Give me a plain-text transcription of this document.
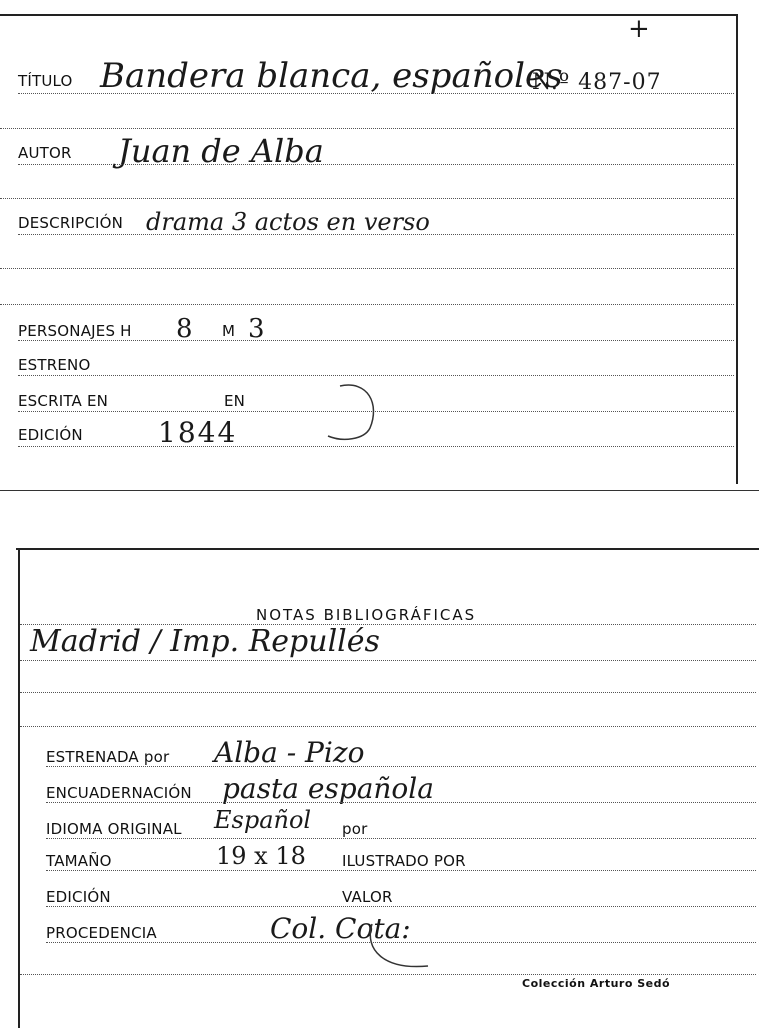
+
TÍTULO Bandera blanca, españoles
N.º 487-07
AUTOR Juan de Alba
DESCRIPCIÓN drama 3 actos en verso
PERSONAJES H 8 M 3
ESTRENO
ESCRITA EN	EN
EDICIÓN	1844
NOTAS BIBLIOGRÁFICAS
Madrid / Imp. Repullés
ESTRENADA por Alba - Pizo
ENCUADERNACIÓN pasta española
IDIOMA ORIGINAL Español por
TAMAÑO	19 x 18 ILUSTRADO POR
EDICIÓN	VALOR
PROCEDENCIA	Col. Cota:
Colección Arturo Sedó
